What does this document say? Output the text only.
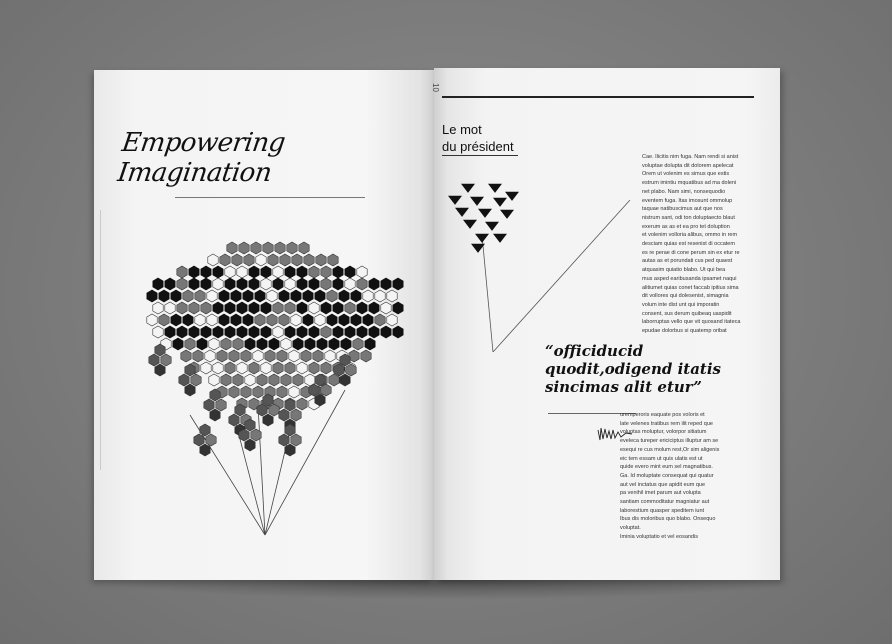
Empowering Imagination
10
Le mot
du président
Cae. Ilicitis nim fuga. Nam rendi si anist
voluptae dolupta dit dolorem apelecat
Orem ut volenim es simus que estis
estrum imintiu mquatibus ad ma doleni
net plabo. Nam simi, nonsequodio
eventem fuga. Itas imosunt ommolup
taquae natibuscimus aut que nos
nistrum sant, odi ton doluptaecto blaut
exerum as as et ea pro tet doluption
et volenim volloria alibus, ommo in rem
desciam quias est resenist di occatem
es re perae di cone perum sin ex etur re
autas as et porundati cus ped quaest
atquasim quiatio blabo. Ut qui bea
mus asped earibusanda ipsamet naqui
alitiumet quias conet faccab ipitius sima
dit vollores qui dolesenist, simagnia
volum inte dist unt qui imporatin
consent, sus derum quibeaq uaspidit
laborruptas vello que vit quosand itateca
epudae dolorbus si quatemp oribat
“officiducid
quodit,odigend itatis
sincimas alit etur”
uremperoris eaquate pos voloris et
late velenes tratibus rem ilit reped que
voluptas moluptur, volorpor sitiatum
eveleca tureper ericiciptus illuptur am se
esequi re cus molum rest,Or sim aligenis
eic tem essam ut quis ulatis est ut
quide evero mint eum sel magnatibus.
Ga. Id moluptate consequat qui quatur
aut vel inctatus que apidit eum que
pa venihil imet parum aut volupta
santiam commoditatur magniatur aut
laborestium quasper speditem iunt
Ibus dis moloribus quo blabo. Onsequo
voluptat.
Iminia voluptatio et vel eosandis
